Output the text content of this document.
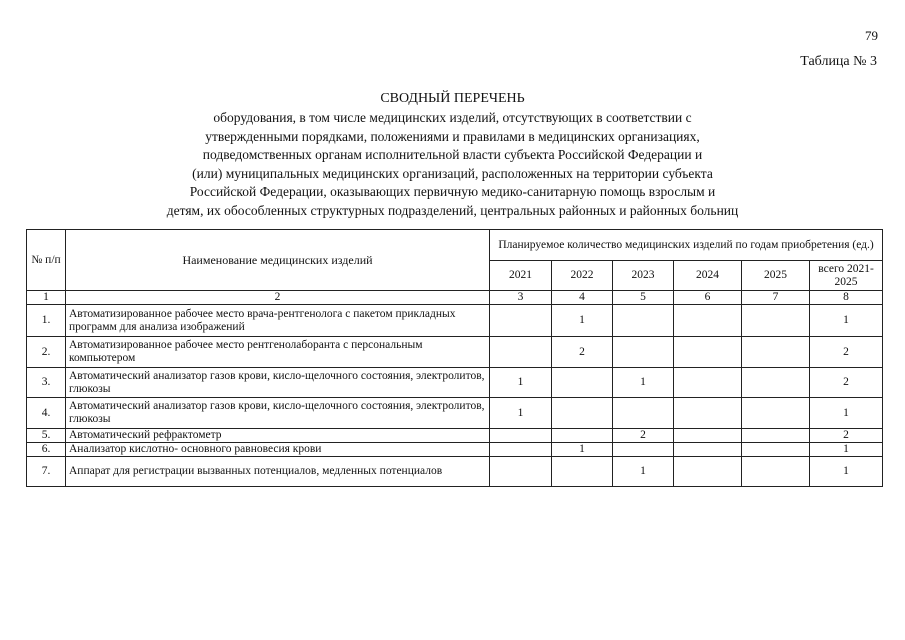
79
Таблица № 3
СВОДНЫЙ ПЕРЕЧЕНЬ
оборудования, в том числе медицинских изделий, отсутствующих в соответствии с
утвержденными порядками, положениями и правилами в медицинских организациях,
подведомственных органам исполнительной власти субъекта Российской Федерации и
(или) муниципальных медицинских организаций, расположенных на территории субъекта
Российской Федерации, оказывающих первичную медико-санитарную помощь взрослым и
детям, их обособленных структурных подразделений, центральных районных и районных больниц
№ п/п	Наименование медицинских изделий	Планируемое количество медицинских изделий по годам приобретения (ед.)					
		2021	2022	2023	2024	2025	всего 2021-2025
1	2	3	4	5	6	7	8
1.	Автоматизированное рабочее место врача-рентгенолога с пакетом прикладных программ для анализа изображений		1				1
2.	Автоматизированное рабочее место рентгенолаборанта с персональным компьютером		2				2
3.	Автоматический анализатор газов крови, кисло-щелочного состояния, электролитов, глюкозы	1		1			2
4.	Автоматический анализатор газов крови, кисло-щелочного состояния, электролитов, глюкозы	1					1
5.	Автоматический рефрактометр			2			2
6.	Анализатор кислотно- основного равновесия крови		1				1
7.	Аппарат для регистрации вызванных потенциалов, медленных потенциалов			1			1
